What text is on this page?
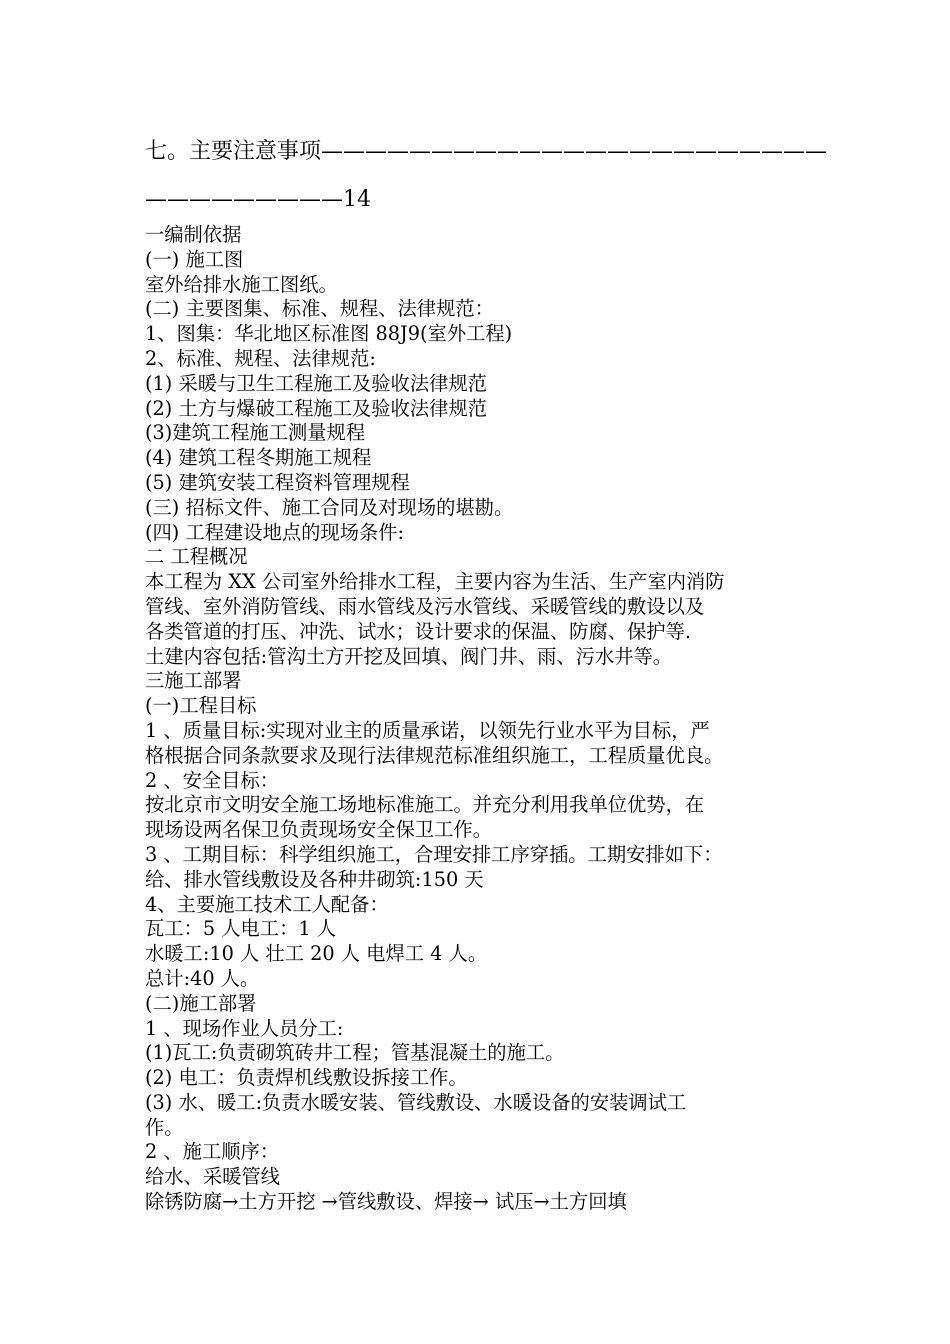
七。主要注意事项———————————————————————
—————————14
一编制依据
(一) 施工图
室外给排水施工图纸。
(二) 主要图集、标准、规程、法律规范：
1、图集：华北地区标准图 88J9(室外工程)
2、标准、规程、法律规范:
(1) 采暖与卫生工程施工及验收法律规范
(2) 土方与爆破工程施工及验收法律规范
(3)建筑工程施工测量规程
(4) 建筑工程冬期施工规程
(5) 建筑安装工程资料管理规程
(三) 招标文件、施工合同及对现场的堪勘。
(四) 工程建设地点的现场条件:
二 工程概况
本工程为 XX 公司室外给排水工程，主要内容为生活、生产室内消防
管线、室外消防管线、雨水管线及污水管线、采暖管线的敷设以及
各类管道的打压、冲洗、试水；设计要求的保温、防腐、保护等.
土建内容包括:管沟土方开挖及回填、阀门井、雨、污水井等。
三施工部署
(一)工程目标
1 、质量目标:实现对业主的质量承诺，以领先行业水平为目标，严
格根据合同条款要求及现行法律规范标准组织施工，工程质量优良。
2 、安全目标：
按北京市文明安全施工场地标准施工。并充分利用我单位优势，在
现场设两名保卫负责现场安全保卫工作。
3 、工期目标：科学组织施工，合理安排工序穿插。工期安排如下：
给、排水管线敷设及各种井砌筑:150 天
4、主要施工技术工人配备：
瓦工：5 人电工：1 人
水暖工:10 人 壮工 20 人 电焊工 4 人。
总计:40 人。
(二)施工部署
1 、现场作业人员分工:
(1)瓦工:负责砌筑砖井工程；管基混凝土的施工。
(2) 电工：负责焊机线敷设拆接工作。
(3) 水、暖工:负责水暖安装、管线敷设、水暖设备的安装调试工
作。
2 、施工顺序：
给水、采暖管线
除锈防腐→土方开挖 →管线敷设、焊接→ 试压→土方回填
